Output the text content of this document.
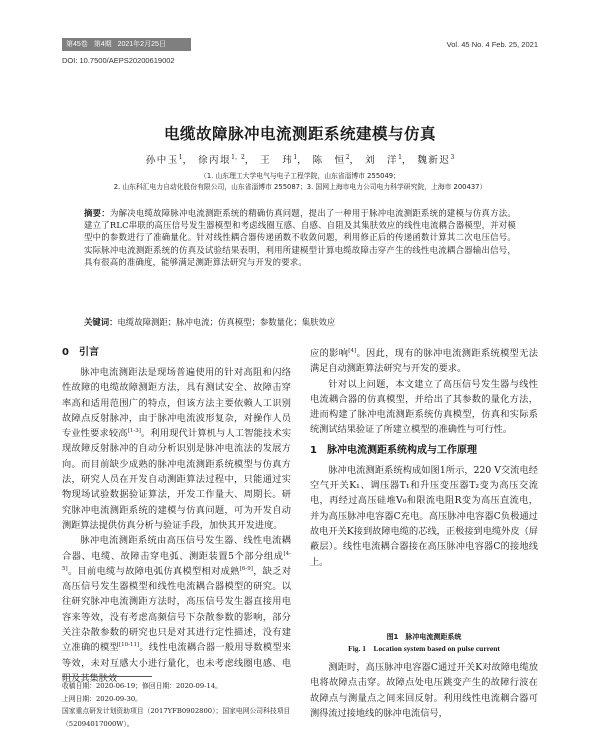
第45卷 第4期 2021年2月25日	Vol. 45 No. 4 Feb. 25, 2021
DOI: 10.7500/AEPS20200619002
电缆故障脉冲电流测距系统建模与仿真
孙中玉$^1$， 徐丙垠$^{1,2}$， 王　玮$^1$， 陈　恒$^2$， 刘　洋$^1$， 魏新迟$^3$
（1. 山东理工大学电气与电子工程学院，山东省淄博市 255049；
2. 山东科汇电力自动化股份有限公司，山东省淄博市 255087；3. 国网上海市电力公司电力科学研究院，上海市 200437）
摘要：为解决电缆故障脉冲电流测距系统的精确仿真问题，提出了一种用于脉冲电流测距系统的建模与仿真方法。建立了RLC串联的高压信号发生器模型和考虑线圈互感、自感、自阻及其集肤效应的线性电流耦合器模型，并对模型中的参数进行了准确量化。针对线性耦合器传递函数不收敛问题，利用修正后的传递函数计算其二次电压信号。实际脉冲电流测距系统的仿真及试验结果表明，利用所建模型计算电缆故障击穿产生的线性电流耦合器输出信号，具有很高的准确度，能够满足测距算法研究与开发的要求。
关键词：电缆故障测距；脉冲电流；仿真模型；参数量化；集肤效应
0　引言

脉冲电流测距法是现场普遍使用的针对高阻和闪络性故障的电缆故障测距方法，具有测试安全、故障击穿率高和适用范围广的特点，但该方法主要依赖人工识别故障点反射脉冲，由于脉冲电流波形复杂，对操作人员专业性要求较高[1-3]。利用现代计算机与人工智能技术实现故障反射脉冲的自动分析识别是脉冲电流法的发展方向。而目前缺少成熟的脉冲电流测距系统模型与仿真方法，研究人员在开发自动测距算法过程中，只能通过实物现场试验数据验证算法，开发工作量大、周期长。研究脉冲电流测距系统的建模与仿真问题，可为开发自动测距算法提供仿真分析与验证手段，加快其开发进度。

脉冲电流测距系统由高压信号发生器、线性电流耦合器、电缆、故障击穿电弧、测距装置5个部分组成[4-5]。目前电缆与故障电弧仿真模型相对成熟[6-9]，缺乏对高压信号发生器模型和线性电流耦合器模型的研究。以往研究脉冲电流测距方法时，高压信号发生器直接用电容来等效，没有考虑高频信号下杂散参数的影响，部分关注杂散参数的研究也只是对其进行定性描述，没有建立准确的模型[10-11]。线性电流耦合器一般用导数模型来等效，未对互感大小进行量化，也未考虑线圈电感、电阻及其集肤效

收稿日期：2020-06-19；修回日期：2020-09-14。
上网日期：2020-09-30。
国家重点研发计划资助项目（2017YFB0902800）；国家电网公司科技项目（52094017000W）。

应的影响[4]。因此，现有的脉冲电流测距系统模型无法满足自动测距算法研究与开发的要求。

针对以上问题，本文建立了高压信号发生器与线性电流耦合器的仿真模型，并给出了其参数的量化方法，进而构建了脉冲电流测距系统仿真模型，仿真和实际系统测试结果验证了所建立模型的准确性与可行性。

1　脉冲电流测距系统构成与工作原理

脉冲电流测距系统构成如图1所示，220 V交流电经空气开关K₁、调压器T₁和升压变压器T₂变为高压交流电，再经过高压硅堆V₀和限流电阻R变为高压直流电，并为高压脉冲电容器C充电。高压脉冲电容器C负极通过故电开关K接到故障电缆的芯线，正极接到电缆外皮（屏蔽层）。线性电流耦合器接在高压脉冲电容器C的接地线上。

图1　脉冲电流测距系统
Fig. 1　Location system based on pulse current

测距时，高压脉冲电容器C通过开关K对故障电缆放电将故障点击穿。故障点处电压跳变产生的故障行波在故障点与测量点之间来回反射。利用线性电流耦合器可测得流过接地线的脉冲电流信号，
